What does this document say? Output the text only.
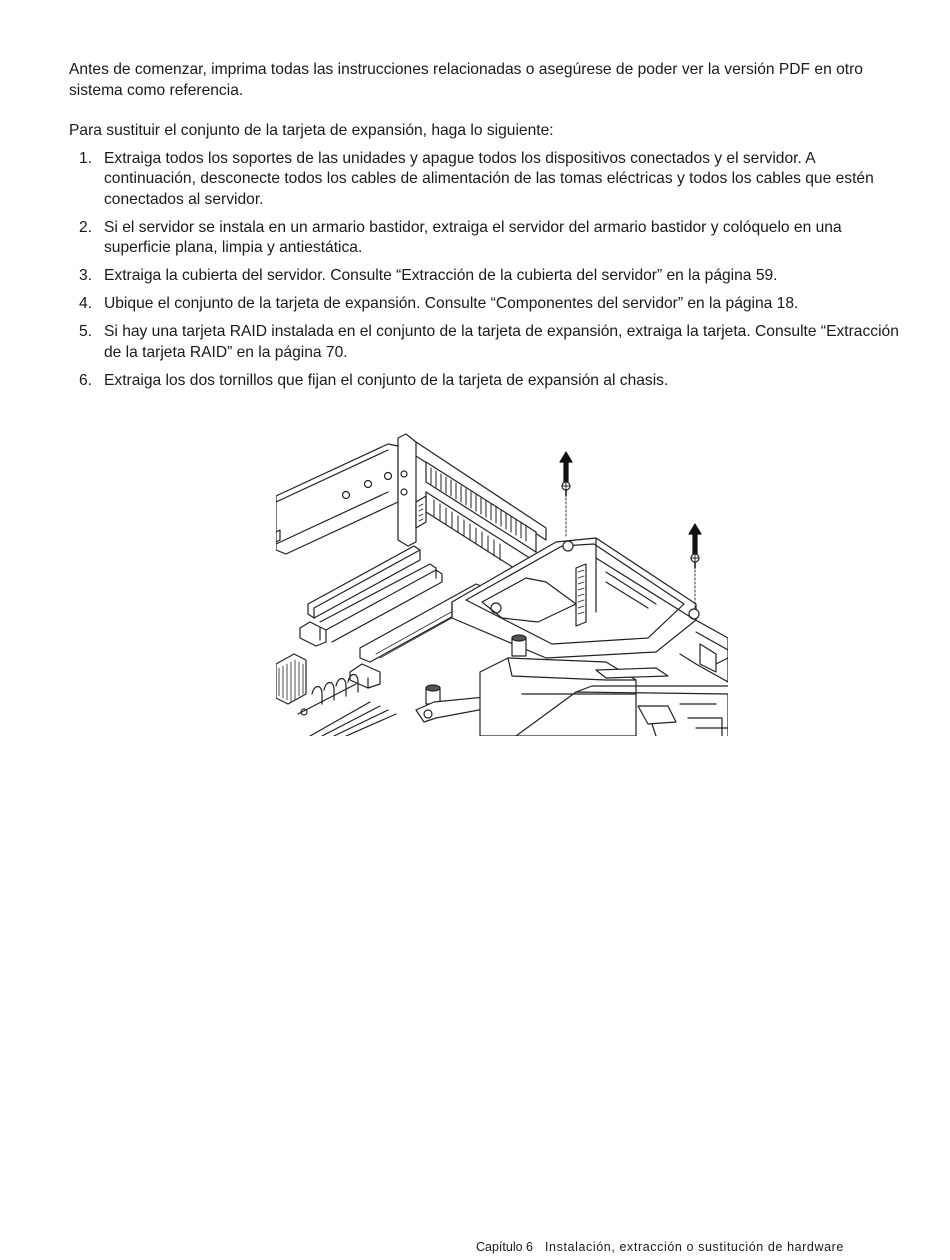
Antes de comenzar, imprima todas las instrucciones relacionadas o asegúrese de poder ver la versión PDF en otro sistema como referencia.

Para sustituir el conjunto de la tarjeta de expansión, haga lo siguiente:

1. Extraiga todos los soportes de las unidades y apague todos los dispositivos conectados y el servidor. A continuación, desconecte todos los cables de alimentación de las tomas eléctricas y todos los cables que estén conectados al servidor.
2. Si el servidor se instala en un armario bastidor, extraiga el servidor del armario bastidor y colóquelo en una superficie plana, limpia y antiestática.
3. Extraiga la cubierta del servidor. Consulte “Extracción de la cubierta del servidor” en la página 59.
4. Ubique el conjunto de la tarjeta de expansión. Consulte “Componentes del servidor” en la página 18.
5. Si hay una tarjeta RAID instalada en el conjunto de la tarjeta de expansión, extraiga la tarjeta. Consulte “Extracción de la tarjeta RAID” en la página 70.
6. Extraiga los dos tornillos que fijan el conjunto de la tarjeta de expansión al chasis.
Capítulo 6 Instalación, extracción o sustitución de hardware
